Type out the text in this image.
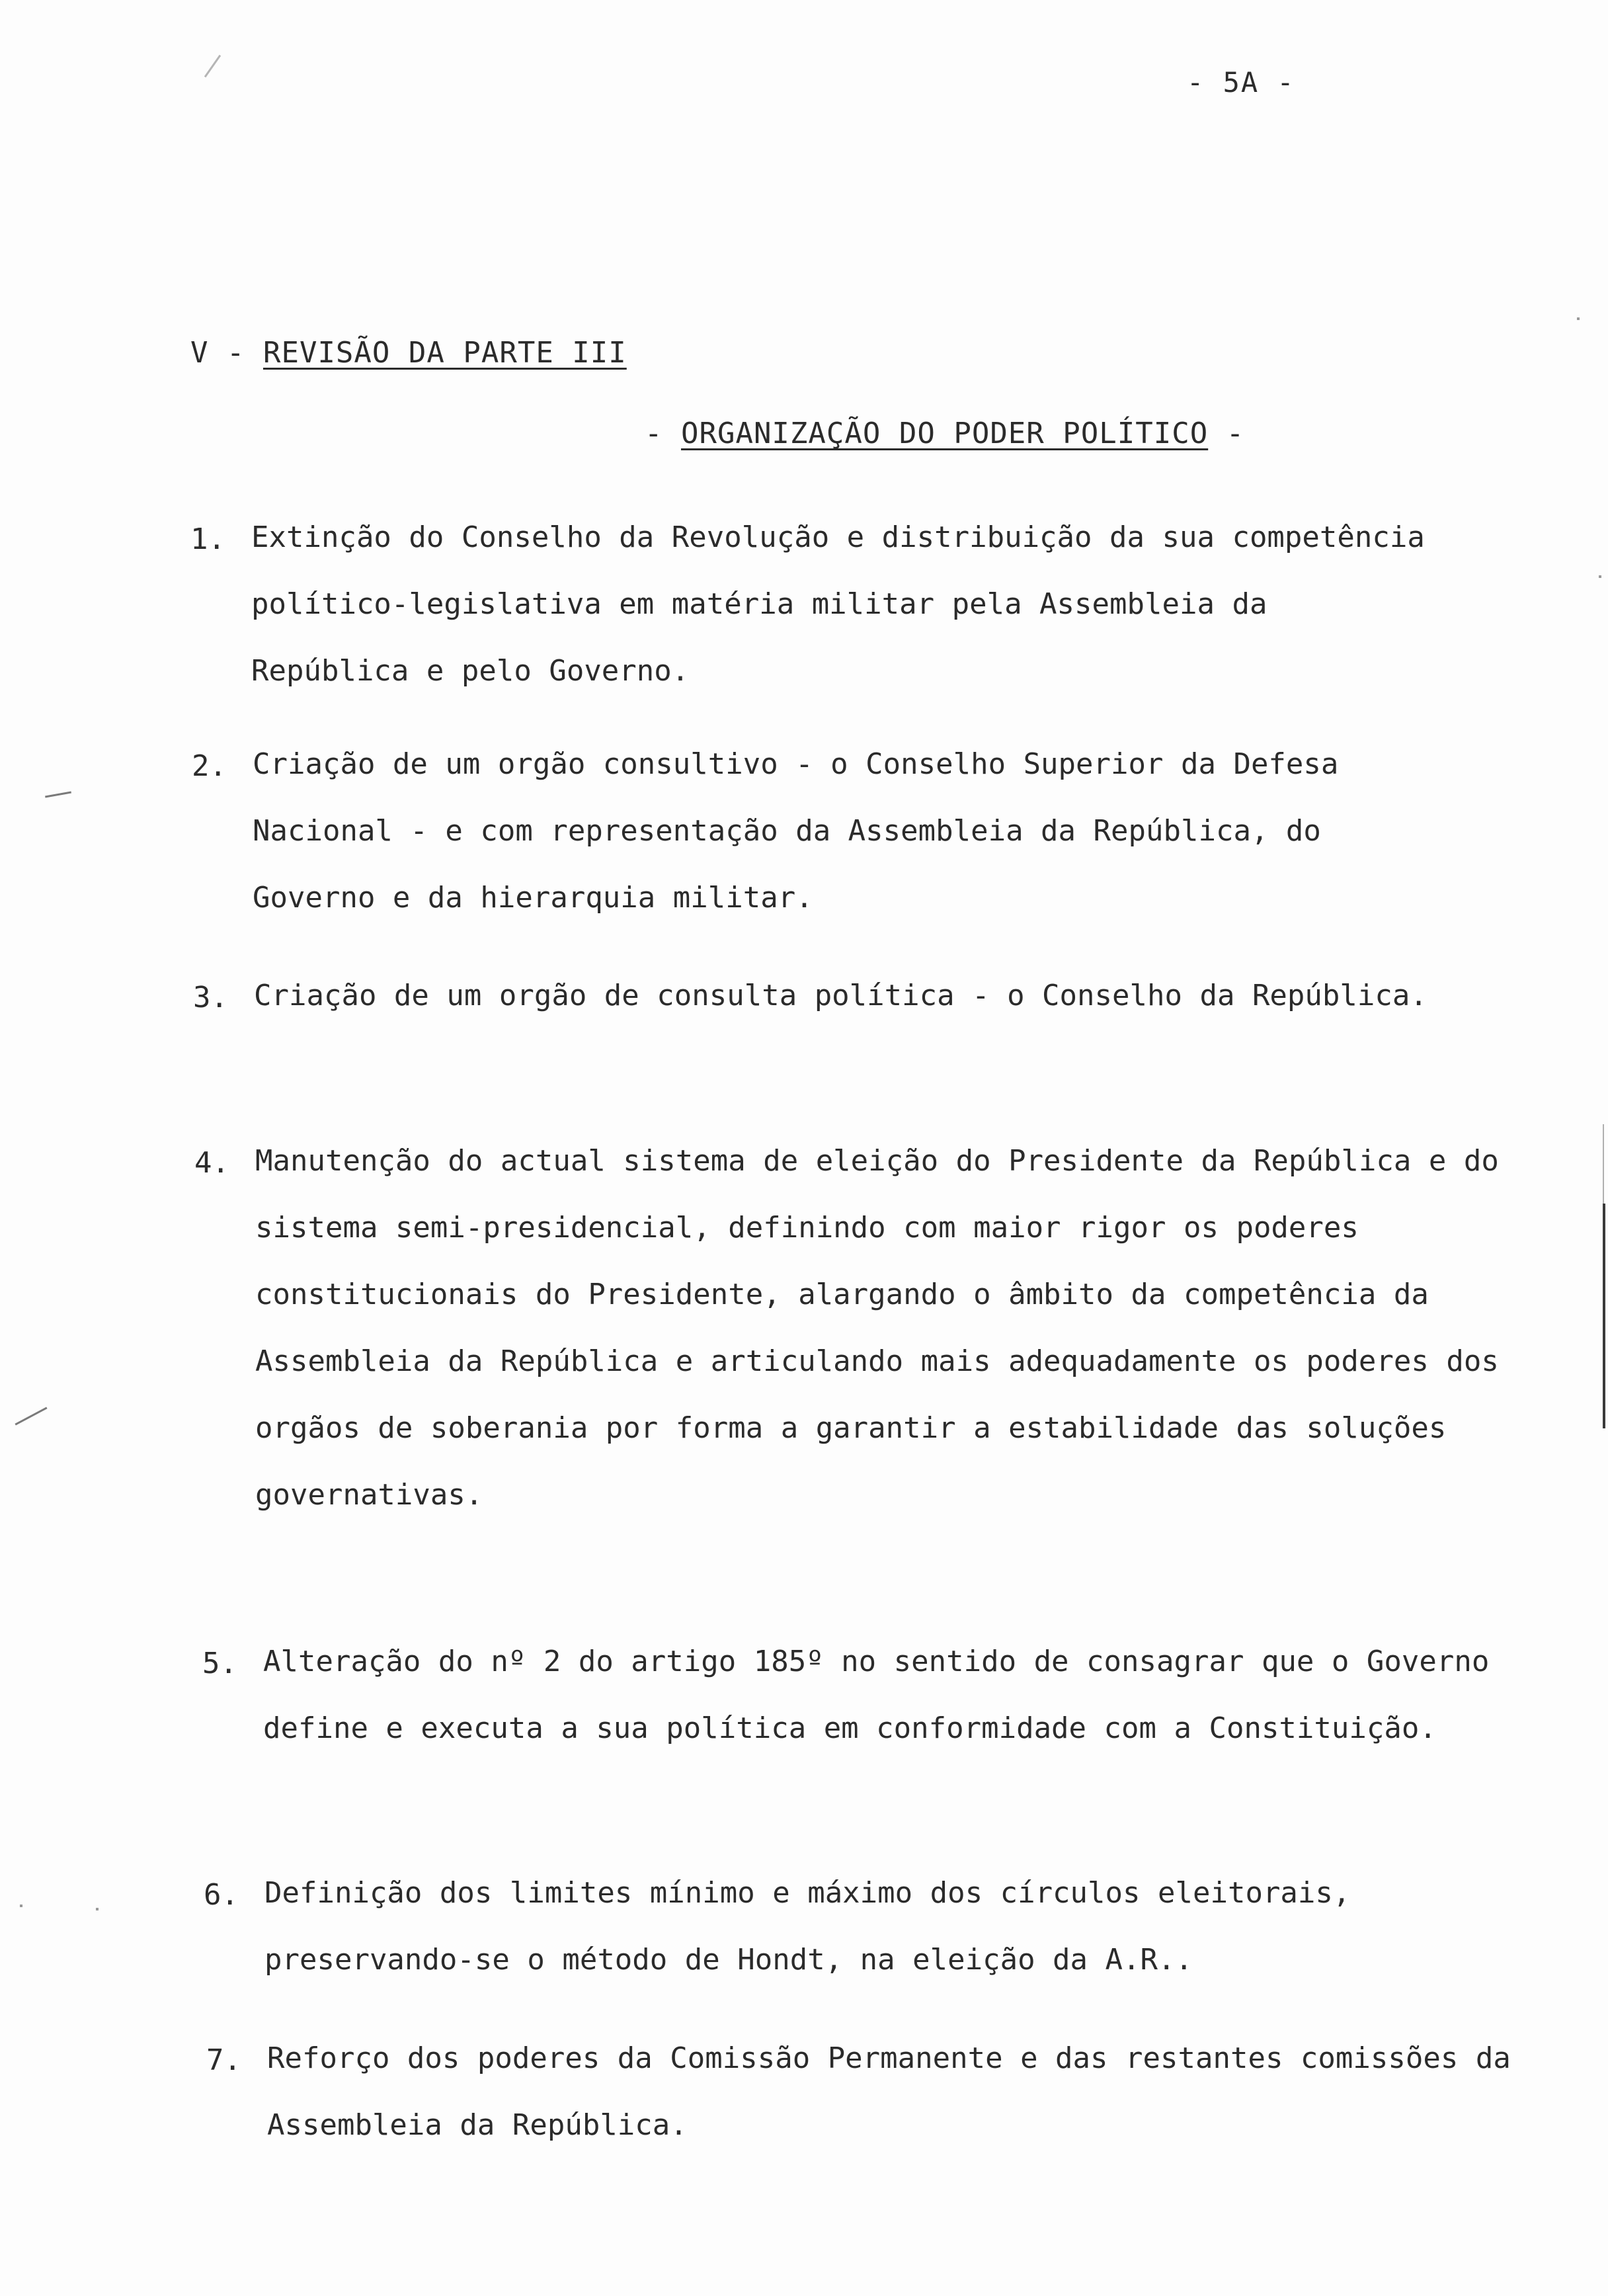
- 5A -
V - REVISÃO DA PARTE III
- ORGANIZAÇÃO DO PODER POLÍTICO -
1. Extinção do Conselho da Revolução e distribuição da sua competência político-legislativa em matéria militar pela Assembleia da República e pelo Governo.
2. Criação de um orgão consultivo - o Conselho Superior da Defesa Nacional - e com representação da Assembleia da República, do Governo e da hierarquia militar.
3. Criação de um orgão de consulta política - o Conselho da República.
4. Manutenção do actual sistema de eleição do Presidente da República e do sistema semi-presidencial, definindo com maior rigor os poderes constitucionais do Presidente, alargando o âmbito da competência da Assembleia da República e articulando mais adequadamente os poderes dos orgãos de soberania por forma a garantir a estabilidade das soluções governativas.
5. Alteração do nº 2 do artigo 185º no sentido de consagrar que o Governo define e executa a sua política em conformidade com a Constituição.
6. Definição dos limites mínimo e máximo dos círculos eleitorais, preservando-se o método de Hondt, na eleição da A.R..
7. Reforço dos poderes da Comissão Permanente e das restantes comissões da Assembleia da República.
